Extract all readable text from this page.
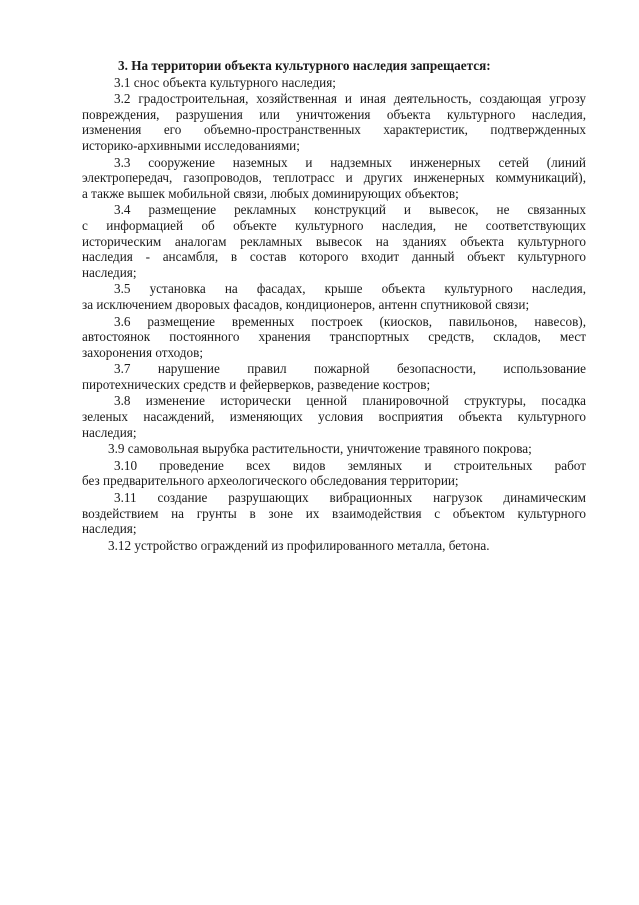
3. На территории объекта культурного наследия запрещается:
3.1 снос объекта культурного наследия;
3.2 градостроительная, хозяйственная и иная деятельность, создающая угрозу
повреждения, разрушения или уничтожения объекта культурного наследия,
изменения его объемно-пространственных характеристик, подтвержденных
историко-архивными исследованиями;
3.3 сооружение наземных и надземных инженерных сетей (линий
электропередач, газопроводов, теплотрасс и других инженерных коммуникаций),
а также вышек мобильной связи, любых доминирующих объектов;
3.4 размещение рекламных конструкций и вывесок, не связанных
с информацией об объекте культурного наследия, не соответствующих
историческим аналогам рекламных вывесок на зданиях объекта культурного
наследия - ансамбля, в состав которого входит данный объект культурного
наследия;
3.5 установка на фасадах, крыше объекта культурного наследия,
за исключением дворовых фасадов, кондиционеров, антенн спутниковой связи;
3.6 размещение временных построек (киосков, павильонов, навесов),
автостоянок постоянного хранения транспортных средств, складов, мест
захоронения отходов;
3.7 нарушение правил пожарной безопасности, использование
пиротехнических средств и фейерверков, разведение костров;
3.8 изменение исторически ценной планировочной структуры, посадка
зеленых насаждений, изменяющих условия восприятия объекта культурного
наследия;
3.9 самовольная вырубка растительности, уничтожение травяного покрова;
3.10 проведение всех видов земляных и строительных работ
без предварительного археологического обследования территории;
3.11 создание разрушающих вибрационных нагрузок динамическим
воздействием на грунты в зоне их взаимодействия с объектом культурного
наследия;
3.12 устройство ограждений из профилированного металла, бетона.
